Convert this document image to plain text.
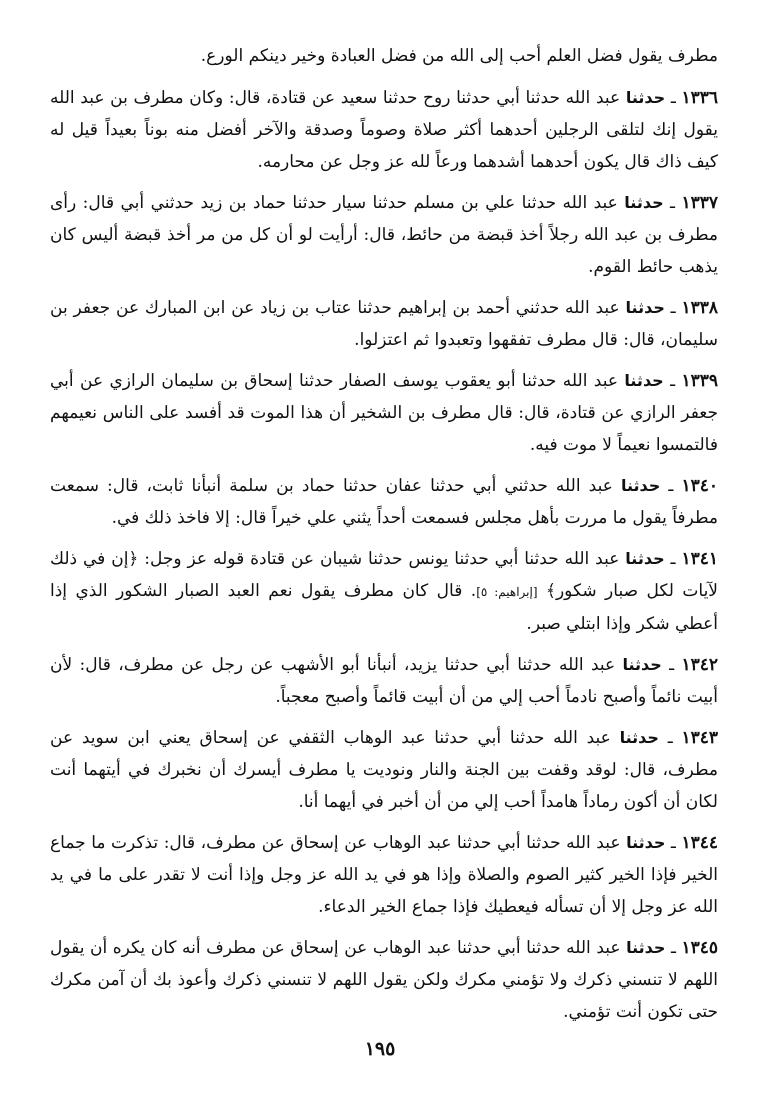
مطرف يقول فضل العلم أحب إلى الله من فضل العبادة وخير دينكم الورع.

١٣٣٦ ـ حدثنا عبد الله حدثنا أبي حدثنا روح حدثنا سعيد عن قتادة، قال: وكان مطرف بن عبد الله يقول إنك لتلقى الرجلين أحدهما أكثر صلاة وصوماً وصدقة والآخر أفضل منه بوناً بعيداً قيل له كيف ذاك قال يكون أحدهما أشدهما ورعاً لله عز وجل عن محارمه.

١٣٣٧ ـ حدثنا عبد الله حدثنا علي بن مسلم حدثنا سيار حدثنا حماد بن زيد حدثني أبي قال: رأى مطرف بن عبد الله رجلاً أخذ قبضة من حائط، قال: أرأيت لو أن كل من مر أخذ قبضة أليس كان يذهب حائط القوم.

١٣٣٨ ـ حدثنا عبد الله حدثني أحمد بن إبراهيم حدثنا عتاب بن زياد عن ابن المبارك عن جعفر بن سليمان، قال: قال مطرف تفقهوا وتعبدوا ثم اعتزلوا.

١٣٣٩ ـ حدثنا عبد الله حدثنا أبو يعقوب يوسف الصفار حدثنا إسحاق بن سليمان الرازي عن أبي جعفر الرازي عن قتادة، قال: قال مطرف بن الشخير أن هذا الموت قد أفسد على الناس نعيمهم فالتمسوا نعيماً لا موت فيه.

١٣٤٠ ـ حدثنا عبد الله حدثني أبي حدثنا عفان حدثنا حماد بن سلمة أنبأنا ثابت، قال: سمعت مطرفاً يقول ما مررت بأهل مجلس فسمعت أحداً يثني علي خيراً قال: إلا فاخذ ذلك في.

١٣٤١ ـ حدثنا عبد الله حدثنا أبي حدثنا يونس حدثنا شيبان عن قتادة قوله عز وجل: ﴿إن في ذلك لآيات لكل صبار شكور﴾ [إبراهيم: ٥]. قال كان مطرف يقول نعم العبد الصبار الشكور الذي إذا أعطي شكر وإذا ابتلي صبر.

١٣٤٢ ـ حدثنا عبد الله حدثنا أبي حدثنا يزيد، أنبأنا أبو الأشهب عن رجل عن مطرف، قال: لأن أبيت نائماً وأصبح نادماً أحب إلي من أن أبيت قائماً وأصبح معجباً.

١٣٤٣ ـ حدثنا عبد الله حدثنا أبي حدثنا عبد الوهاب الثقفي عن إسحاق يعني ابن سويد عن مطرف، قال: لوقد وقفت بين الجنة والنار ونوديت يا مطرف أيسرك أن نخبرك في أيتهما أنت لكان أن أكون رماداً هامداً أحب إلي من أن أخبر في أيهما أنا.

١٣٤٤ ـ حدثنا عبد الله حدثنا أبي حدثنا عبد الوهاب عن إسحاق عن مطرف، قال: تذكرت ما جماع الخير فإذا الخير كثير الصوم والصلاة وإذا هو في يد الله عز وجل وإذا أنت لا تقدر على ما في يد الله عز وجل إلا أن تسأله فيعطيك فإذا جماع الخير الدعاء.

١٣٤٥ ـ حدثنا عبد الله حدثنا أبي حدثنا عبد الوهاب عن إسحاق عن مطرف أنه كان يكره أن يقول اللهم لا تنسني ذكرك ولا تؤمني مكرك ولكن يقول اللهم لا تنسني ذكرك وأعوذ بك أن آمن مكرك حتى تكون أنت تؤمني.

١٩٥
